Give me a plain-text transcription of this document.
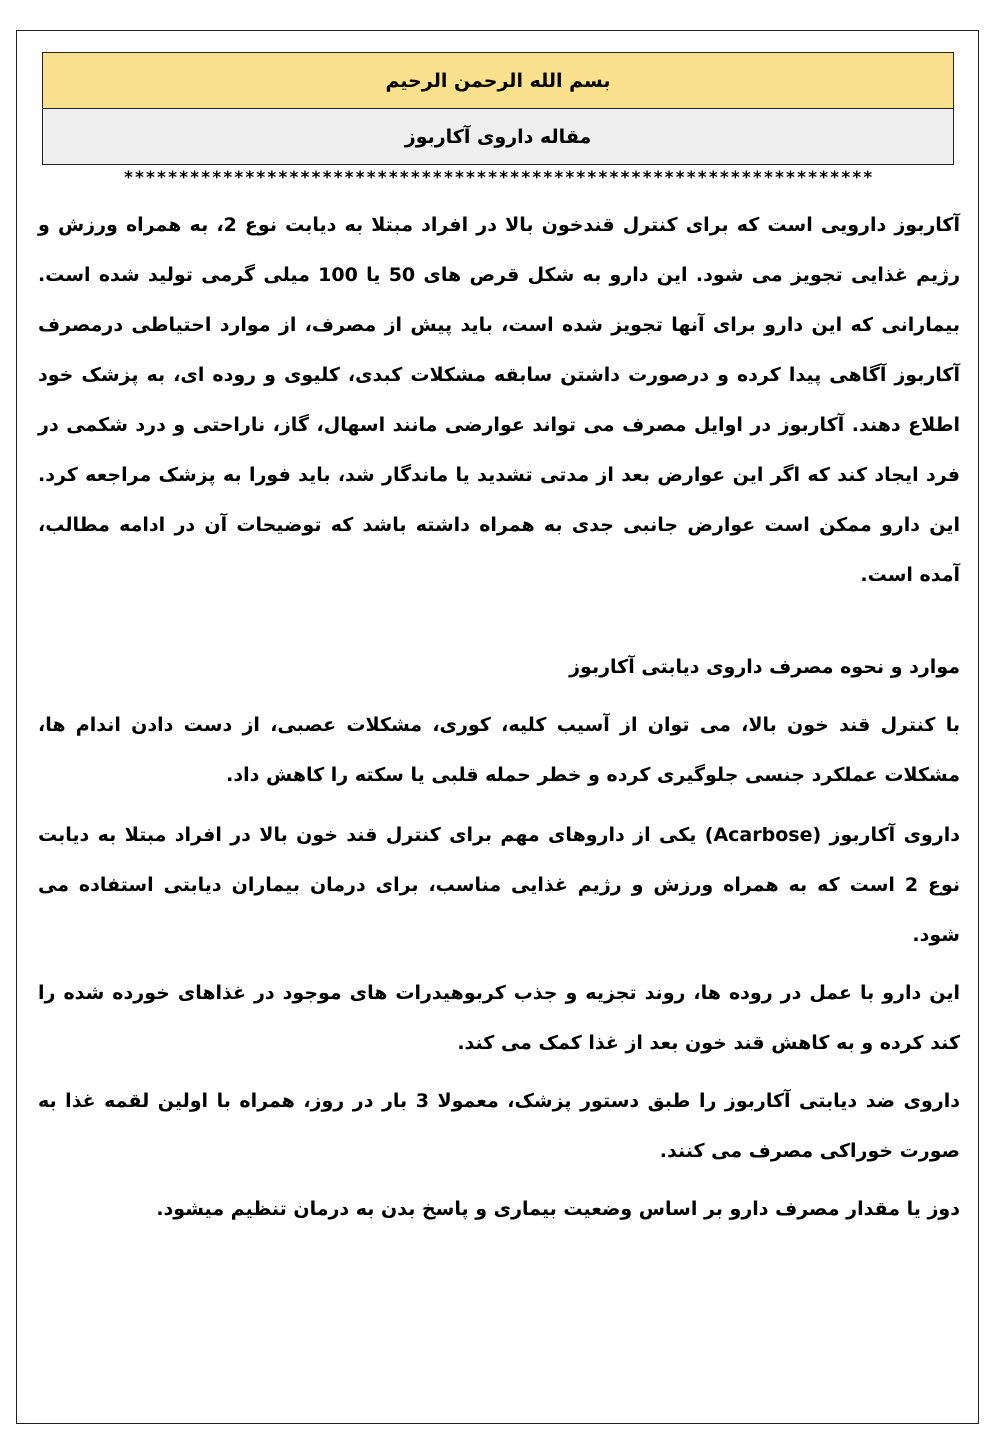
بسم الله الرحمن الرحیم
مقاله داروی آکاربوز
********************************************************************

آکاربوز دارویی است که برای کنترل قندخون بالا در افراد مبتلا به دیابت نوع 2، به همراه ورزش و رژیم غذایی تجویز می شود. این دارو به شکل قرص های 50 یا 100 میلی گرمی تولید شده است. بیمارانی که این دارو برای آنها تجویز شده است، باید پیش از مصرف، از موارد احتیاطی درمصرف آکاربوز آگاهی پیدا کرده و درصورت داشتن سابقه مشکلات کبدی، کلیوی و روده ای، به پزشک خود اطلاع دهند. آکاربوز در اوایل مصرف می تواند عوارضی مانند اسهال، گاز، ناراحتی و درد شکمی در فرد ایجاد کند که اگر این عوارض بعد از مدتی تشدید یا ماندگار شد، باید فورا به پزشک مراجعه کرد. این دارو ممکن است عوارض جانبی جدی به همراه داشته باشد که توضیحات آن در ادامه مطالب، آمده است.

موارد و نحوه مصرف داروی دیابتی آکاربوز

با کنترل قند خون بالا، می توان از آسیب کلیه، کوری، مشکلات عصبی، از دست دادن اندام ها، مشکلات عملکرد جنسی جلوگیری کرده و خطر حمله قلبی یا سکته را کاهش داد.

داروی آکاربوز (Acarbose) یکی از داروهای مهم برای کنترل قند خون بالا در افراد مبتلا به دیابت نوع 2 است که به همراه ورزش و رژیم غذایی مناسب، برای درمان بیماران دیابتی استفاده می شود.

این دارو با عمل در روده ها، روند تجزیه و جذب کربوهیدرات های موجود در غذاهای خورده شده را کند کرده و به کاهش قند خون بعد از غذا کمک می کند.

داروی ضد دیابتی آکاربوز را طبق دستور پزشک، معمولا 3 بار در روز، همراه با اولین لقمه غذا به صورت خوراکی مصرف می کنند.

دوز یا مقدار مصرف دارو بر اساس وضعیت بیماری و پاسخ بدن به درمان تنظیم میشود.
